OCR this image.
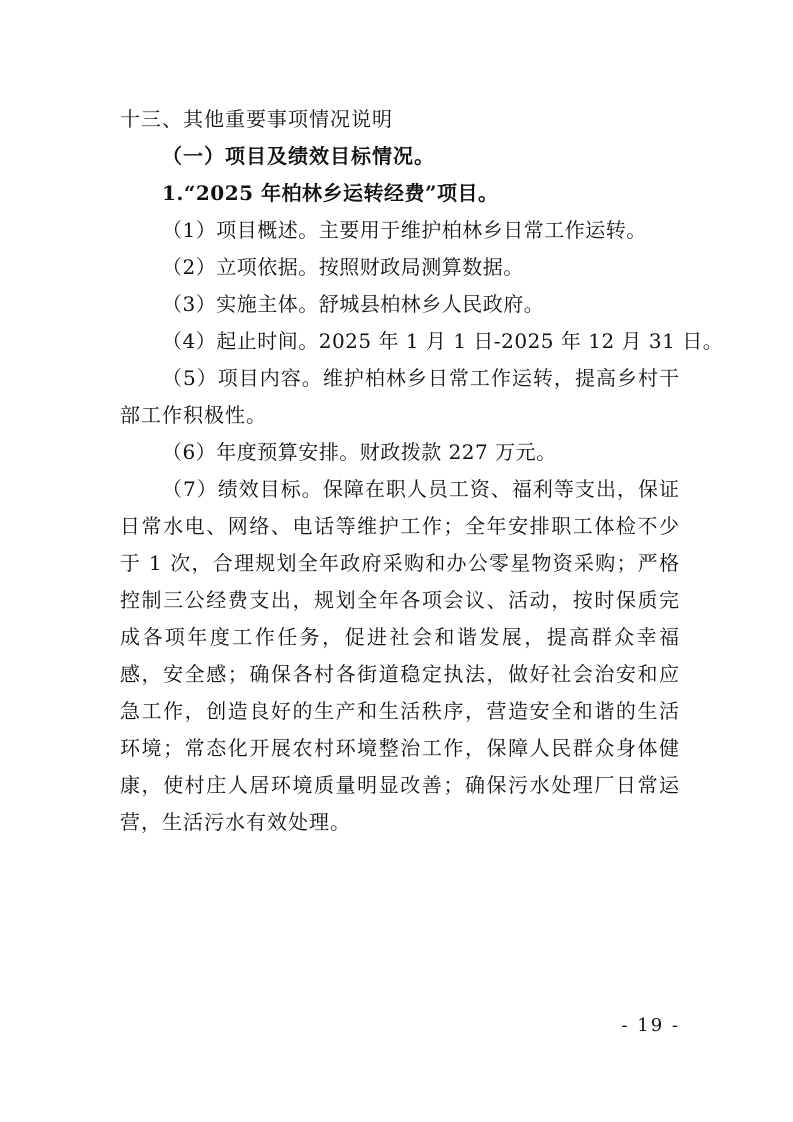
十三、其他重要事项情况说明
（一）项目及绩效目标情况。
1.“2025 年柏林乡运转经费”项目。
（1）项目概述。主要用于维护柏林乡日常工作运转。
（2）立项依据。按照财政局测算数据。
（3）实施主体。舒城县柏林乡人民政府。
（4）起止时间。2025 年 1 月 1 日-2025 年 12 月 31 日。

（5）项目内容。维护柏林乡日常工作运转，提高乡村干部工作积极性。

（6）年度预算安排。财政拨款 227 万元。

（7）绩效目标。保障在职人员工资、福利等支出，保证日常水电、网络、电话等维护工作；全年安排职工体检不少于 1 次，合理规划全年政府采购和办公零星物资采购；严格控制三公经费支出，规划全年各项会议、活动，按时保质完成各项年度工作任务，促进社会和谐发展，提高群众幸福感，安全感；确保各村各街道稳定执法，做好社会治安和应急工作，创造良好的生产和生活秩序，营造安全和谐的生活环境；常态化开展农村环境整治工作，保障人民群众身体健康，使村庄人居环境质量明显改善；确保污水处理厂日常运营，生活污水有效处理。

- 19 -
